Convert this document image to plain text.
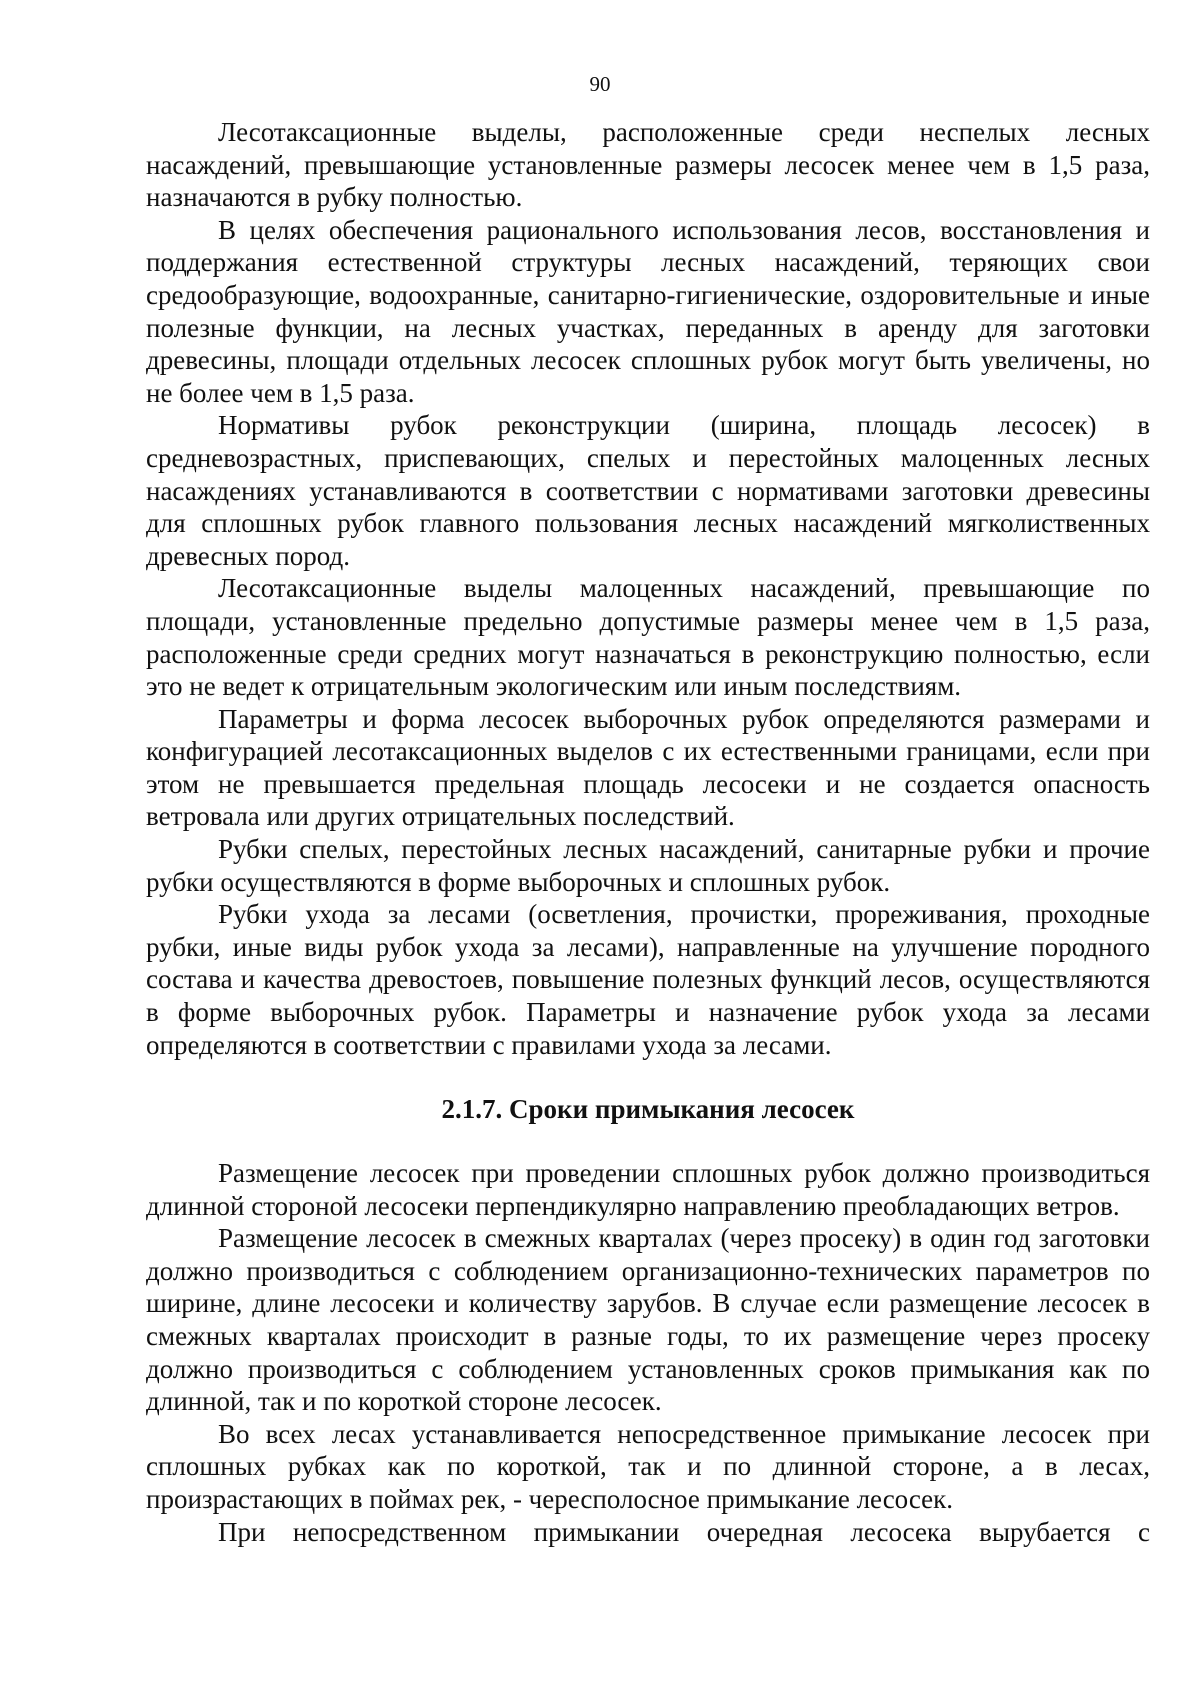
90

Лесотаксационные выделы, расположенные среди неспелых лесных насаждений, превышающие установленные размеры лесосек менее чем в 1,5 раза, назначаются в рубку полностью.

В целях обеспечения рационального использования лесов, восстановления и поддержания естественной структуры лесных насаждений, теряющих свои средообразующие, водоохранные, санитарно-гигиенические, оздоровительные и иные полезные функции, на лесных участках, переданных в аренду для заготовки древесины, площади отдельных лесосек сплошных рубок могут быть увеличены, но не более чем в 1,5 раза.

Нормативы рубок реконструкции (ширина, площадь лесосек) в средневозрастных, приспевающих, спелых и перестойных малоценных лесных насаждениях устанавливаются в соответствии с нормативами заготовки древесины для сплошных рубок главного пользования лесных насаждений мягколиственных древесных пород.

Лесотаксационные выделы малоценных насаждений, превышающие по площади, установленные предельно допустимые размеры менее чем в 1,5 раза, расположенные среди средних могут назначаться в реконструкцию полностью, если это не ведет к отрицательным экологическим или иным последствиям.

Параметры и форма лесосек выборочных рубок определяются размерами и конфигурацией лесотаксационных выделов с их естественными границами, если при этом не превышается предельная площадь лесосеки и не создается опасность ветровала или других отрицательных последствий.

Рубки спелых, перестойных лесных насаждений, санитарные рубки и прочие рубки осуществляются в форме выборочных и сплошных рубок.

Рубки ухода за лесами (осветления, прочистки, прореживания, проходные рубки, иные виды рубок ухода за лесами), направленные на улучшение породного состава и качества древостоев, повышение полезных функций лесов, осуществляются в форме выборочных рубок. Параметры и назначение рубок ухода за лесами определяются в соответствии с правилами ухода за лесами.

2.1.7. Сроки примыкания лесосек

Размещение лесосек при проведении сплошных рубок должно производиться длинной стороной лесосеки перпендикулярно направлению преобладающих ветров.

Размещение лесосек в смежных кварталах (через просеку) в один год заготовки должно производиться с соблюдением организационно-технических параметров по ширине, длине лесосеки и количеству зарубов. В случае если размещение лесосек в смежных кварталах происходит в разные годы, то их размещение через просеку должно производиться с соблюдением установленных сроков примыкания как по длинной, так и по короткой стороне лесосек.

Во всех лесах устанавливается непосредственное примыкание лесосек при сплошных рубках как по короткой, так и по длинной стороне, а в лесах, произрастающих в поймах рек, - чересполосное примыкание лесосек.

При непосредственном примыкании очередная лесосека вырубается с
